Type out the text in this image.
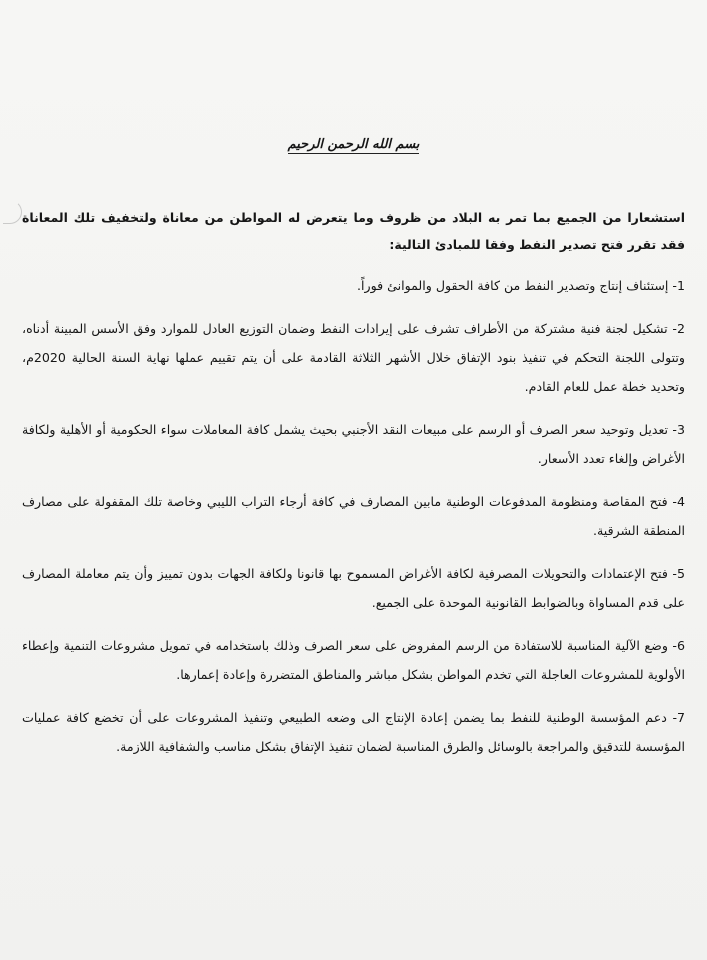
بسم الله الرحمن الرحيم

استشعارا من الجميع بما تمر به البلاد من ظروف وما يتعرض له المواطن من معاناة ولتخفيف تلك المعاناة فقد تقرر فتح تصدير النفط وفقا للمبادئ التالية:

1- إستئناف إنتاج وتصدير النفط من كافة الحقول والموانئ فوراً.

2- تشكيل لجنة فنية مشتركة من الأطراف تشرف على إيرادات النفط وضمان التوزيع العادل للموارد وفق الأسس المبينة أدناه، وتتولى اللجنة التحكم في تنفيذ بنود الإتفاق خلال الأشهر الثلاثة القادمة على أن يتم تقييم عملها نهاية السنة الحالية 2020م، وتحديد خطة عمل للعام القادم.

3- تعديل وتوحيد سعر الصرف أو الرسم على مبيعات النقد الأجنبي بحيث يشمل كافة المعاملات سواء الحكومية أو الأهلية ولكافة الأغراض وإلغاء تعدد الأسعار.

4- فتح المقاصة ومنظومة المدفوعات الوطنية مابين المصارف في كافة أرجاء التراب الليبي وخاصة تلك المقفولة على مصارف المنطقة الشرقية.

5- فتح الإعتمادات والتحويلات المصرفية لكافة الأغراض المسموح بها قانونا ولكافة الجهات بدون تمييز وأن يتم معاملة المصارف على قدم المساواة وبالضوابط القانونية الموحدة على الجميع.

6- وضع الآلية المناسبة للاستفادة من الرسم المفروض على سعر الصرف وذلك باستخدامه في تمويل مشروعات التنمية وإعطاء الأولوية للمشروعات العاجلة التي تخدم المواطن بشكل مباشر والمناطق المتضررة وإعادة إعمارها.

7- دعم المؤسسة الوطنية للنفط بما يضمن إعادة الإنتاج الى وضعه الطبيعي وتنفيذ المشروعات على أن تخضع كافة عمليات المؤسسة للتدقيق والمراجعة بالوسائل والطرق المناسبة لضمان تنفيذ الإتفاق بشكل مناسب والشفافية اللازمة.
